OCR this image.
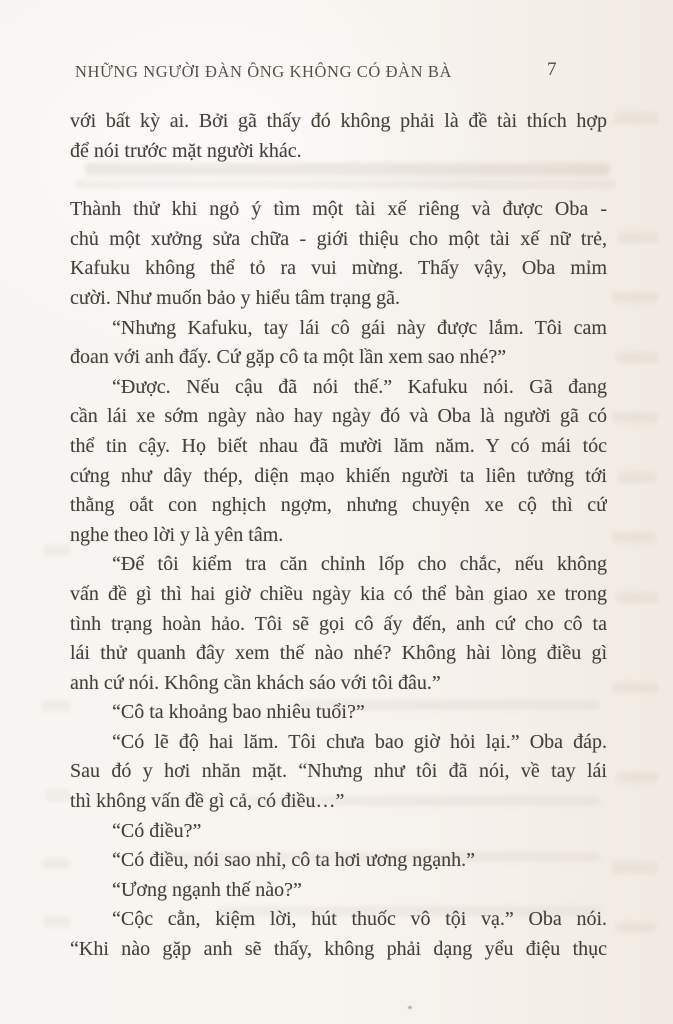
NHỮNG NGƯỜI ĐÀN ÔNG KHÔNG CÓ ĐÀN BÀ	7
với bất kỳ ai. Bởi gã thấy đó không phải là đề tài thích hợp
để nói trước mặt người khác.
Thành thử khi ngỏ ý tìm một tài xế riêng và được Oba -
chủ một xưởng sửa chữa - giới thiệu cho một tài xế nữ trẻ,
Kafuku không thể tỏ ra vui mừng. Thấy vậy, Oba mỉm
cười. Như muốn bảo y hiểu tâm trạng gã.
“Nhưng Kafuku, tay lái cô gái này được lắm. Tôi cam
đoan với anh đấy. Cứ gặp cô ta một lần xem sao nhé?”
“Được. Nếu cậu đã nói thế.” Kafuku nói. Gã đang
cần lái xe sớm ngày nào hay ngày đó và Oba là người gã có
thể tin cậy. Họ biết nhau đã mười lăm năm. Y có mái tóc
cứng như dây thép, diện mạo khiến người ta liên tưởng tới
thằng oắt con nghịch ngợm, nhưng chuyện xe cộ thì cứ
nghe theo lời y là yên tâm.
“Để tôi kiểm tra căn chỉnh lốp cho chắc, nếu không
vấn đề gì thì hai giờ chiều ngày kia có thể bàn giao xe trong
tình trạng hoàn hảo. Tôi sẽ gọi cô ấy đến, anh cứ cho cô ta
lái thử quanh đây xem thế nào nhé? Không hài lòng điều gì
anh cứ nói. Không cần khách sáo với tôi đâu.”
“Cô ta khoảng bao nhiêu tuổi?”
“Có lẽ độ hai lăm. Tôi chưa bao giờ hỏi lại.” Oba đáp.
Sau đó y hơi nhăn mặt. “Nhưng như tôi đã nói, về tay lái
thì không vấn đề gì cả, có điều…”
“Có điều?”
“Có điều, nói sao nhỉ, cô ta hơi ương ngạnh.”
“Ương ngạnh thế nào?”
“Cộc cằn, kiệm lời, hút thuốc vô tội vạ.” Oba nói.
“Khi nào gặp anh sẽ thấy, không phải dạng yểu điệu thục
